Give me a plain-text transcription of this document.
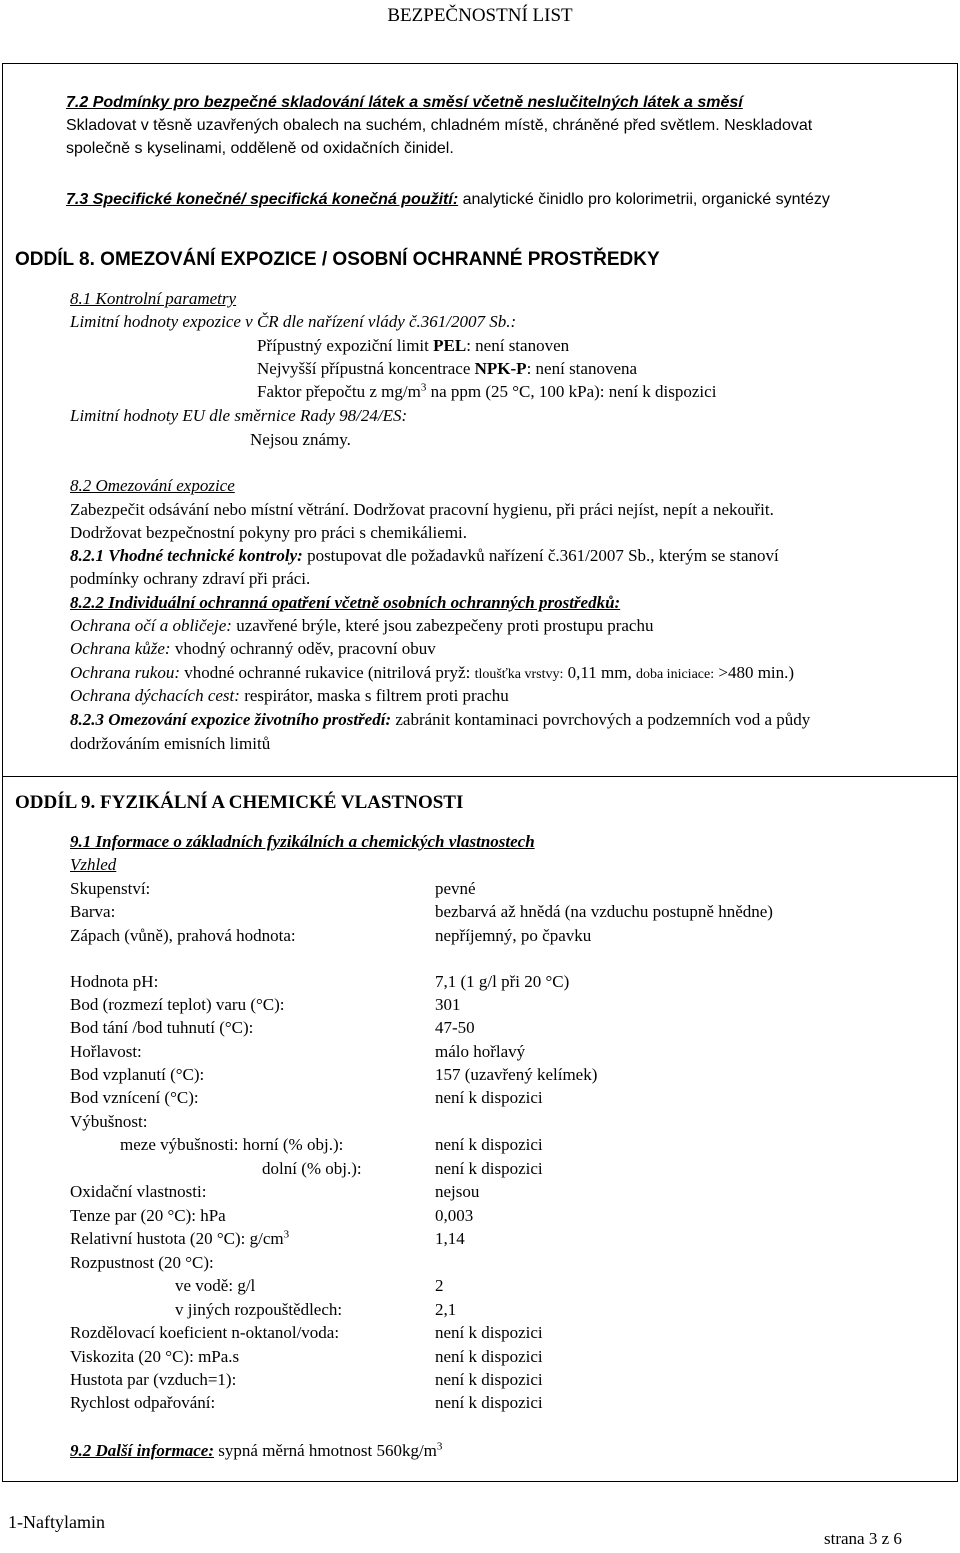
BEZPEČNOSTNÍ LIST
7.2 Podmínky pro bezpečné skladování látek a směsí včetně neslučitelných látek a směsí
Skladovat v těsně uzavřených obalech na suchém, chladném místě, chráněné před světlem. Neskladovat
společně s kyselinami, odděleně od oxidačních činidel.
7.3 Specifické konečné/ specifická konečná použití: analytické činidlo pro kolorimetrii, organické syntézy
ODDÍL 8. OMEZOVÁNÍ EXPOZICE / OSOBNÍ OCHRANNÉ PROSTŘEDKY
8.1 Kontrolní parametry
Limitní hodnoty expozice v ČR dle nařízení vlády č.361/2007 Sb.:
Přípustný expoziční limit PEL: není stanoven
Nejvyšší přípustná koncentrace NPK-P: není stanovena
Faktor přepočtu z $mg/m^3$ na ppm (25 °C, 100 kPa): není k dispozici
Limitní hodnoty EU dle směrnice Rady 98/24/ES:
Nejsou známy.
8.2 Omezování expozice
Zabezpečit odsávání nebo místní větrání. Dodržovat pracovní hygienu, při práci nejíst, nepít a nekouřit.
Dodržovat bezpečnostní pokyny pro práci s chemikáliemi.
8.2.1 Vhodné technické kontroly: postupovat dle požadavků nařízení č.361/2007 Sb., kterým se stanoví
podmínky ochrany zdraví při práci.
8.2.2 Individuální ochranná opatření včetně osobních ochranných prostředků:
Ochrana očí a obličeje: uzavřené brýle, které jsou zabezpečeny proti prostupu prachu
Ochrana kůže: vhodný ochranný oděv, pracovní obuv
Ochrana rukou: vhodné ochranné rukavice (nitrilová pryž: tloušťka vrstvy: 0,11 mm, doba iniciace: >480 min.)
Ochrana dýchacích cest: respirátor, maska s filtrem proti prachu
8.2.3 Omezování expozice životního prostředí: zabránit kontaminaci povrchových a podzemních vod a půdy
dodržováním emisních limitů
ODDÍL 9. FYZIKÁLNÍ A CHEMICKÉ VLASTNOSTI
9.1 Informace o základních fyzikálních a chemických vlastnostech
Vzhled
Skupenství:	pevné
Barva:	bezbarvá až hnědá (na vzduchu postupně hnědne)
Zápach (vůně), prahová hodnota:	nepříjemný, po čpavku
Hodnota pH:	7,1 (1 g/l při 20 °C)
Bod (rozmezí teplot) varu (°C):	301
Bod tání /bod tuhnutí (°C):	47-50
Hořlavost:	málo hořlavý
Bod vzplanutí (°C):	157 (uzavřený kelímek)
Bod vznícení (°C):	není k dispozici
Výbušnost:
meze výbušnosti: horní (% obj.):	není k dispozici
dolní (% obj.):	není k dispozici
Oxidační vlastnosti:	nejsou
Tenze par (20 °C): hPa	0,003
Relativní hustota (20 °C): $g/cm^3$	1,14
Rozpustnost (20 °C):
ve vodě: g/l	2
v jiných rozpouštědlech:	2,1
Rozdělovací koeficient n-oktanol/voda:	není k dispozici
Viskozita (20 °C): mPa.s	není k dispozici
Hustota par (vzduch=1):	není k dispozici
Rychlost odpařování:	není k dispozici
9.2 Další informace: sypná měrná hmotnost $560kg/m^3$
1-Naftylamin
strana 3 z 6
